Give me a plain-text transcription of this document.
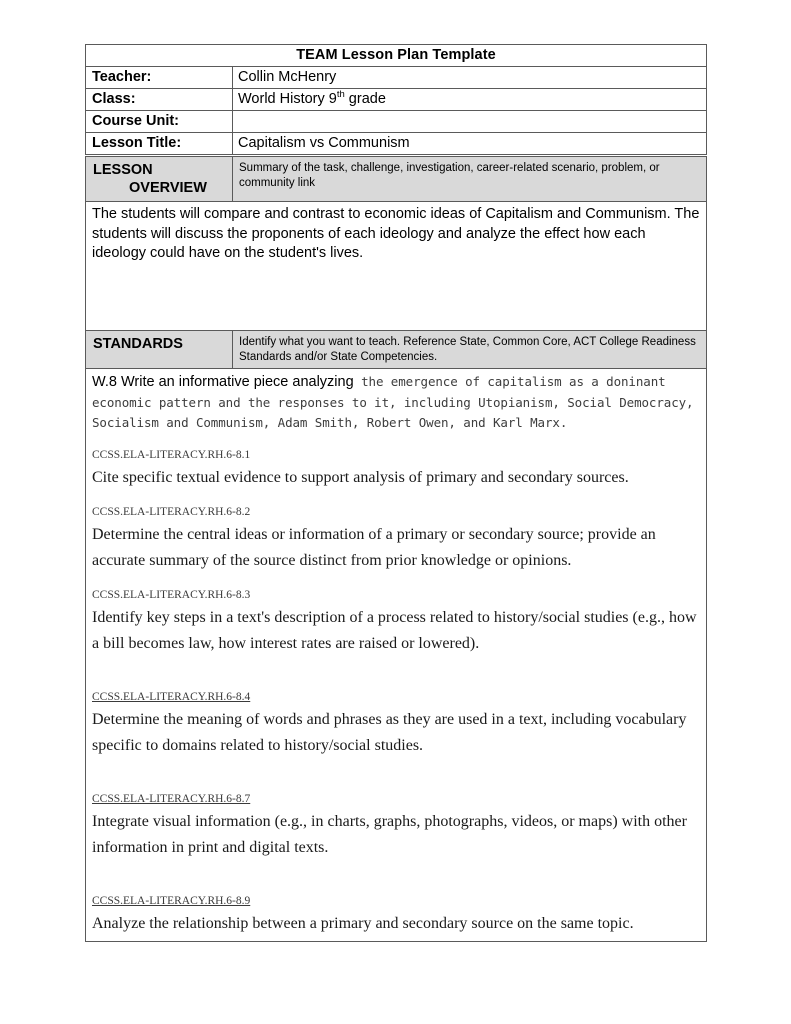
TEAM Lesson Plan Template	
Teacher:	Collin McHenry
Class:	World History 9th grade
Course Unit:	
Lesson Title:	Capitalism vs Communism
LESSON
OVERVIEW
	Summary of the task, challenge, investigation, career-related scenario, problem, or community link
The students will compare and contrast to economic ideas of Capitalism and Communism. The students will discuss the proponents of each ideology and analyze the effect how each ideology could have on the student's lives.
STANDARDS	Identify what you want to teach. Reference State, Common Core, ACT College Readiness Standards and/or State Competencies.

W.8 Write an informative piece analyzing the emergence of capitalism as a doninant economic pattern and the responses to it, including Utopianism, Social Democracy, Socialism and Communism, Adam Smith, Robert Owen, and Karl Marx.

CCSS.ELA-LITERACY.RH.6-8.1

Cite specific textual evidence to support analysis of primary and secondary sources.

CCSS.ELA-LITERACY.RH.6-8.2

Determine the central ideas or information of a primary or secondary source; provide an accurate summary of the source distinct from prior knowledge or opinions.

CCSS.ELA-LITERACY.RH.6-8.3

Identify key steps in a text's description of a process related to history/social studies (e.g., how a bill becomes law, how interest rates are raised or lowered).

CCSS.ELA-LITERACY.RH.6-8.4

Determine the meaning of words and phrases as they are used in a text, including vocabulary specific to domains related to history/social studies.

CCSS.ELA-LITERACY.RH.6-8.7

Integrate visual information (e.g., in charts, graphs, photographs, videos, or maps) with other information in print and digital texts.

CCSS.ELA-LITERACY.RH.6-8.9

Analyze the relationship between a primary and secondary source on the same topic.
